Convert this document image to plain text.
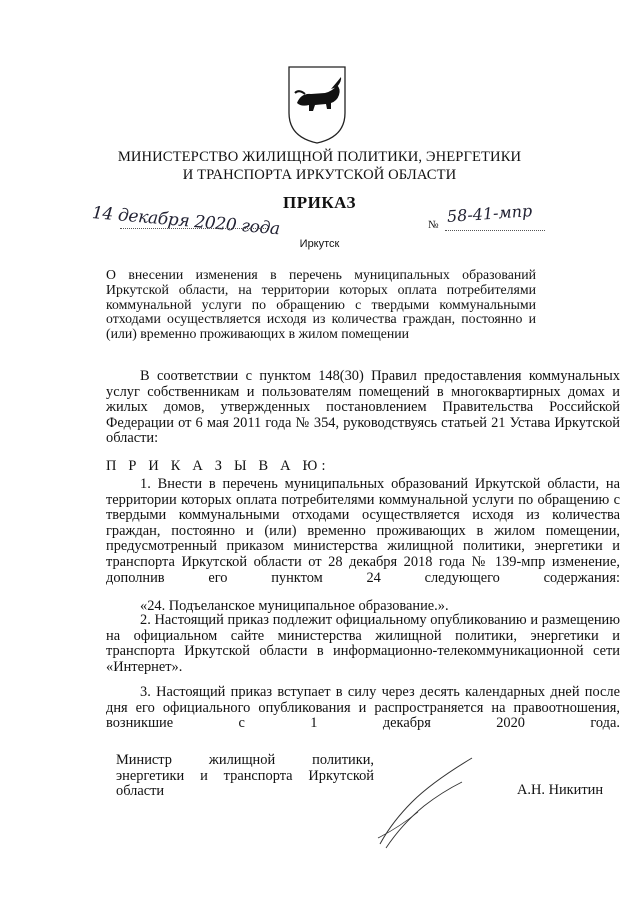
МИНИСТЕРСТВО ЖИЛИЩНОЙ ПОЛИТИКИ, ЭНЕРГЕТИКИ
И ТРАНСПОРТА ИРКУТСКОЙ ОБЛАСТИ
ПРИКАЗ
14 декабря 2020 года	№ 58-41-мпр
Иркутск
О внесении изменения в перечень муниципальных образований Иркутской области, на территории которых оплата потребителями коммунальной услуги по обращению с твердыми коммунальными отходами осуществляется исходя из количества граждан, постоянно и (или) временно проживающих в жилом помещении
В соответствии с пунктом 148(30) Правил предоставления коммунальных услуг собственникам и пользователям помещений в многоквартирных домах и жилых домов, утвержденных постановлением Правительства Российской Федерации от 6 мая 2011 года № 354, руководствуясь статьей 21 Устава Иркутской области:
П Р И К А З Ы В А Ю:
1. Внести в перечень муниципальных образований Иркутской области, на территории которых оплата потребителями коммунальной услуги по обращению с твердыми коммунальными отходами осуществляется исходя из количества граждан, постоянно и (или) временно проживающих в жилом помещении, предусмотренный приказом министерства жилищной политики, энергетики и транспорта Иркутской области от 28 декабря 2018 года № 139-мпр изменение, дополнив его пунктом 24 следующего содержания:
«24. Подъеланское муниципальное образование.».
2. Настоящий приказ подлежит официальному опубликованию и размещению на официальном сайте министерства жилищной политики, энергетики и транспорта Иркутской области в информационно-телекоммуникационной сети «Интернет».
3. Настоящий приказ вступает в силу через десять календарных дней после дня его официального опубликования и распространяется на правоотношения, возникшие с 1 декабря 2020 года.
Министр жилищной политики, энергетики и транспорта Иркутской области	А.Н. Никитин
